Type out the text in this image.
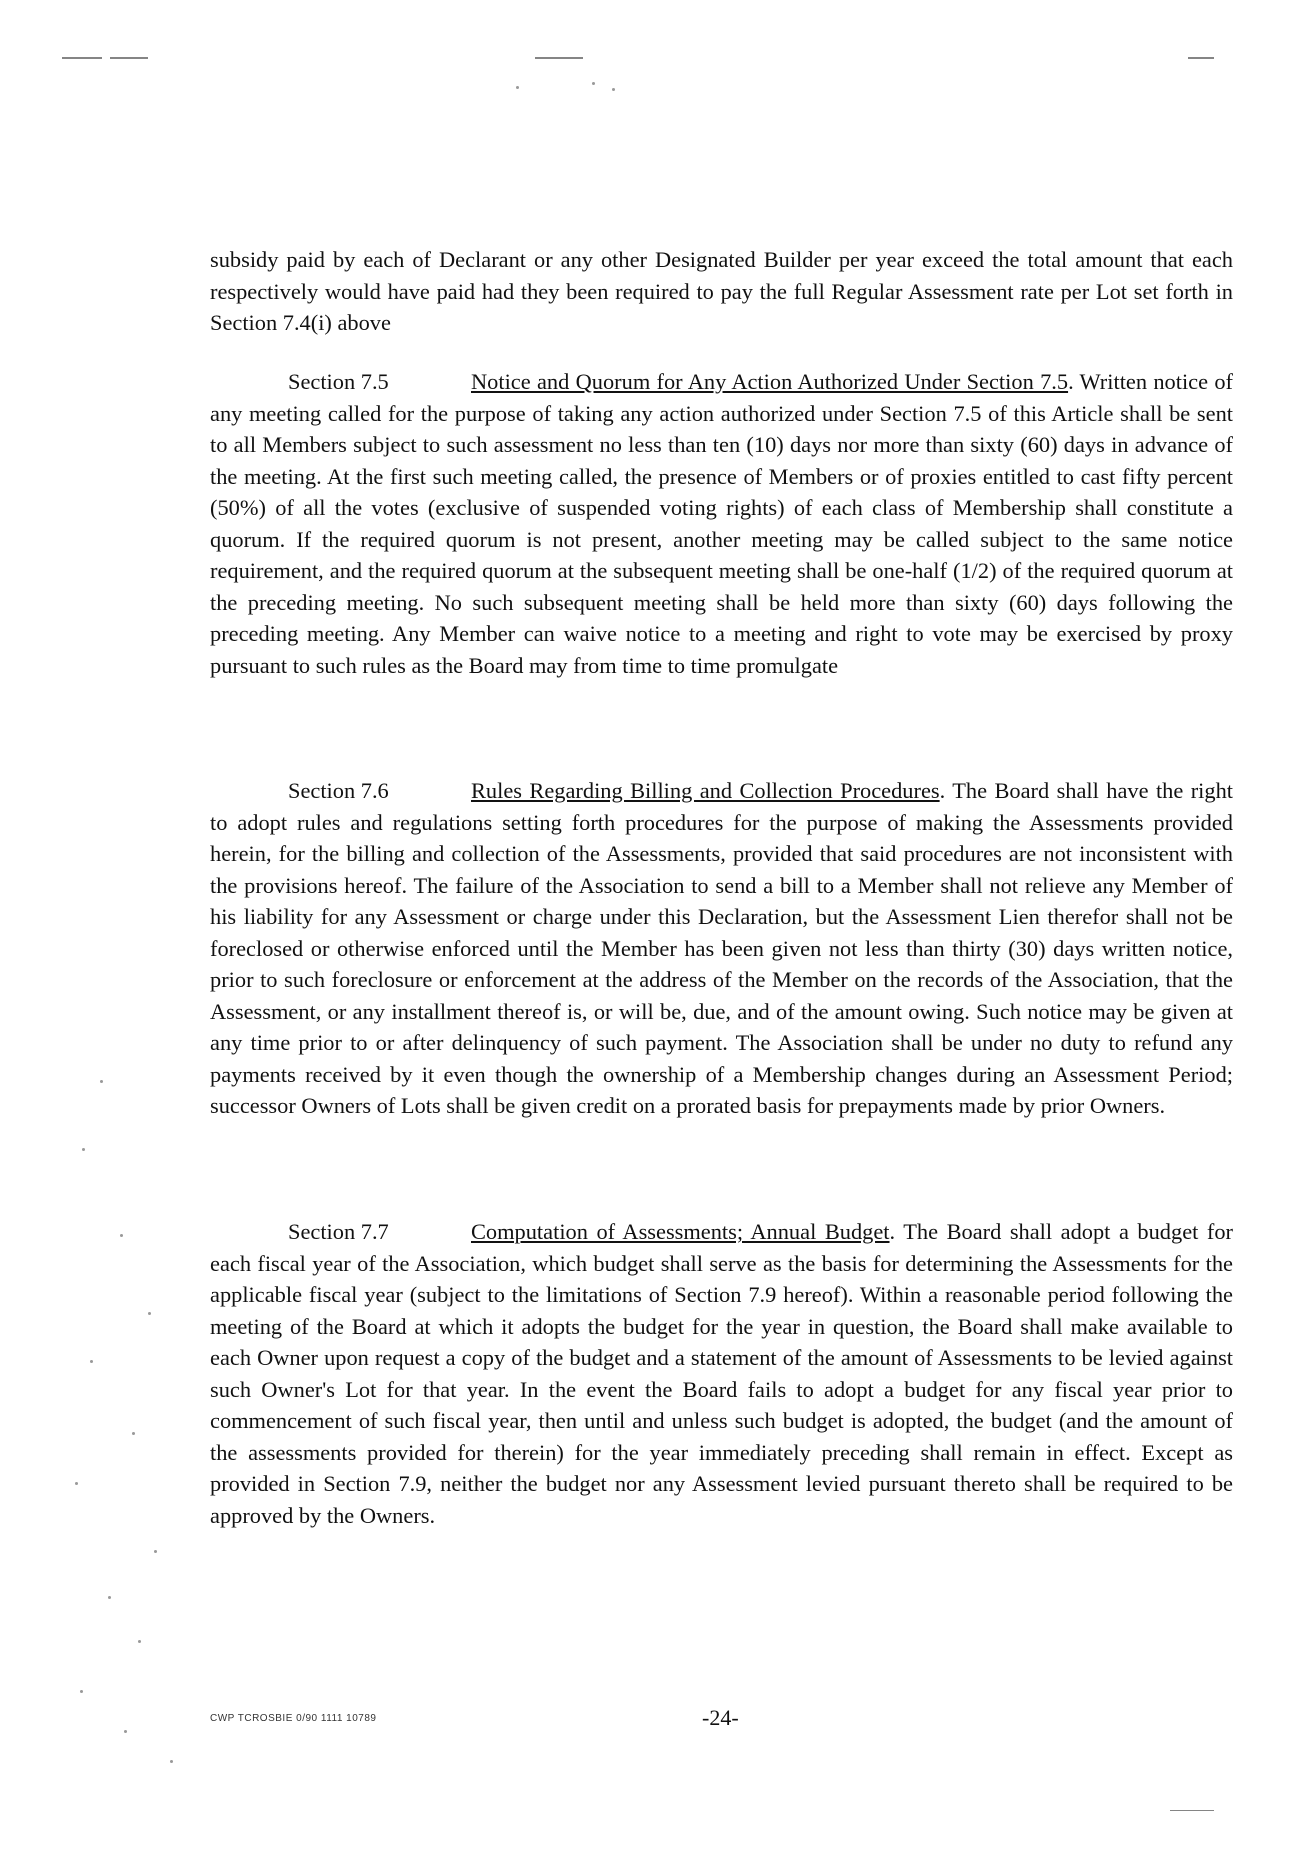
subsidy paid by each of Declarant or any other Designated Builder per year exceed the total amount that each respectively would have paid had they been required to pay the full Regular Assessment rate per Lot set forth in Section 7.4(i) above

Section 7.5	Notice and Quorum for Any Action Authorized Under Section 7.5. Written notice of any meeting called for the purpose of taking any action authorized under Section 7.5 of this Article shall be sent to all Members subject to such assessment no less than ten (10) days nor more than sixty (60) days in advance of the meeting. At the first such meeting called, the presence of Members or of proxies entitled to cast fifty percent (50%) of all the votes (exclusive of suspended voting rights) of each class of Membership shall constitute a quorum. If the required quorum is not present, another meeting may be called subject to the same notice requirement, and the required quorum at the subsequent meeting shall be one-half (1/2) of the required quorum at the preceding meeting. No such subsequent meeting shall be held more than sixty (60) days following the preceding meeting. Any Member can waive notice to a meeting and right to vote may be exercised by proxy pursuant to such rules as the Board may from time to time promulgate

Section 7.6	Rules Regarding Billing and Collection Procedures. The Board shall have the right to adopt rules and regulations setting forth procedures for the purpose of making the Assessments provided herein, for the billing and collection of the Assessments, provided that said procedures are not inconsistent with the provisions hereof. The failure of the Association to send a bill to a Member shall not relieve any Member of his liability for any Assessment or charge under this Declaration, but the Assessment Lien therefor shall not be foreclosed or otherwise enforced until the Member has been given not less than thirty (30) days written notice, prior to such foreclosure or enforcement at the address of the Member on the records of the Association, that the Assessment, or any installment thereof is, or will be, due, and of the amount owing. Such notice may be given at any time prior to or after delinquency of such payment. The Association shall be under no duty to refund any payments received by it even though the ownership of a Membership changes during an Assessment Period; successor Owners of Lots shall be given credit on a prorated basis for prepayments made by prior Owners.

Section 7.7	Computation of Assessments; Annual Budget. The Board shall adopt a budget for each fiscal year of the Association, which budget shall serve as the basis for determining the Assessments for the applicable fiscal year (subject to the limitations of Section 7.9 hereof). Within a reasonable period following the meeting of the Board at which it adopts the budget for the year in question, the Board shall make available to each Owner upon request a copy of the budget and a statement of the amount of Assessments to be levied against such Owner's Lot for that year. In the event the Board fails to adopt a budget for any fiscal year prior to commencement of such fiscal year, then until and unless such budget is adopted, the budget (and the amount of the assessments provided for therein) for the year immediately preceding shall remain in effect. Except as provided in Section 7.9, neither the budget nor any Assessment levied pursuant thereto shall be required to be approved by the Owners.

CWP TCROSBIE 0/90 1111 10789	-24-
